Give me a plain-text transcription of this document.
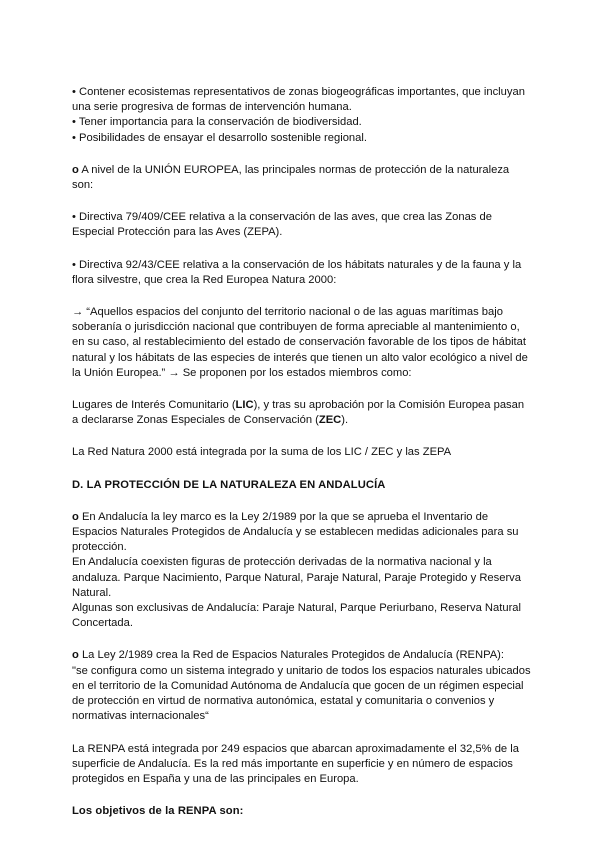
• Contener ecosistemas representativos de zonas biogeográficas importantes, que incluyan una serie progresiva de formas de intervención humana.

• Tener importancia para la conservación de biodiversidad.

• Posibilidades de ensayar el desarrollo sostenible regional.

o A nivel de la UNIÓN EUROPEA, las principales normas de protección de la naturaleza son:

• Directiva 79/409/CEE relativa a la conservación de las aves, que crea las Zonas de Especial Protección para las Aves (ZEPA).

• Directiva 92/43/CEE relativa a la conservación de los hábitats naturales y de la fauna y la flora silvestre, que crea la Red Europea Natura 2000:

→ “Aquellos espacios del conjunto del territorio nacional o de las aguas marítimas bajo soberanía o jurisdicción nacional que contribuyen de forma apreciable al mantenimiento o, en su caso, al restablecimiento del estado de conservación favorable de los tipos de hábitat natural y los hábitats de las especies de interés que tienen un alto valor ecológico a nivel de la Unión Europea.” → Se proponen por los estados miembros como:

Lugares de Interés Comunitario (LIC), y tras su aprobación por la Comisión Europea pasan a declararse Zonas Especiales de Conservación (ZEC).

La Red Natura 2000 está integrada por la suma de los LIC / ZEC y las ZEPA

D. LA PROTECCIÓN DE LA NATURALEZA EN ANDALUCÍA

o En Andalucía la ley marco es la Ley 2/1989 por la que se aprueba el Inventario de Espacios Naturales Protegidos de Andalucía y se establecen medidas adicionales para su protección.

En Andalucía coexisten figuras de protección derivadas de la normativa nacional y la andaluza. Parque Nacimiento, Parque Natural, Paraje Natural, Paraje Protegido y Reserva Natural.

Algunas son exclusivas de Andalucía: Paraje Natural, Parque Periurbano, Reserva Natural Concertada.

o La Ley 2/1989 crea la Red de Espacios Naturales Protegidos de Andalucía (RENPA):

"se configura como un sistema integrado y unitario de todos los espacios naturales ubicados en el territorio de la Comunidad Autónoma de Andalucía que gocen de un régimen especial de protección en virtud de normativa autonómica, estatal y comunitaria o convenios y normativas internacionales“

La RENPA está integrada por 249 espacios que abarcan aproximadamente el 32,5% de la superficie de Andalucía. Es la red más importante en superficie y en número de espacios protegidos en España y una de las principales en Europa.

Los objetivos de la RENPA son:
